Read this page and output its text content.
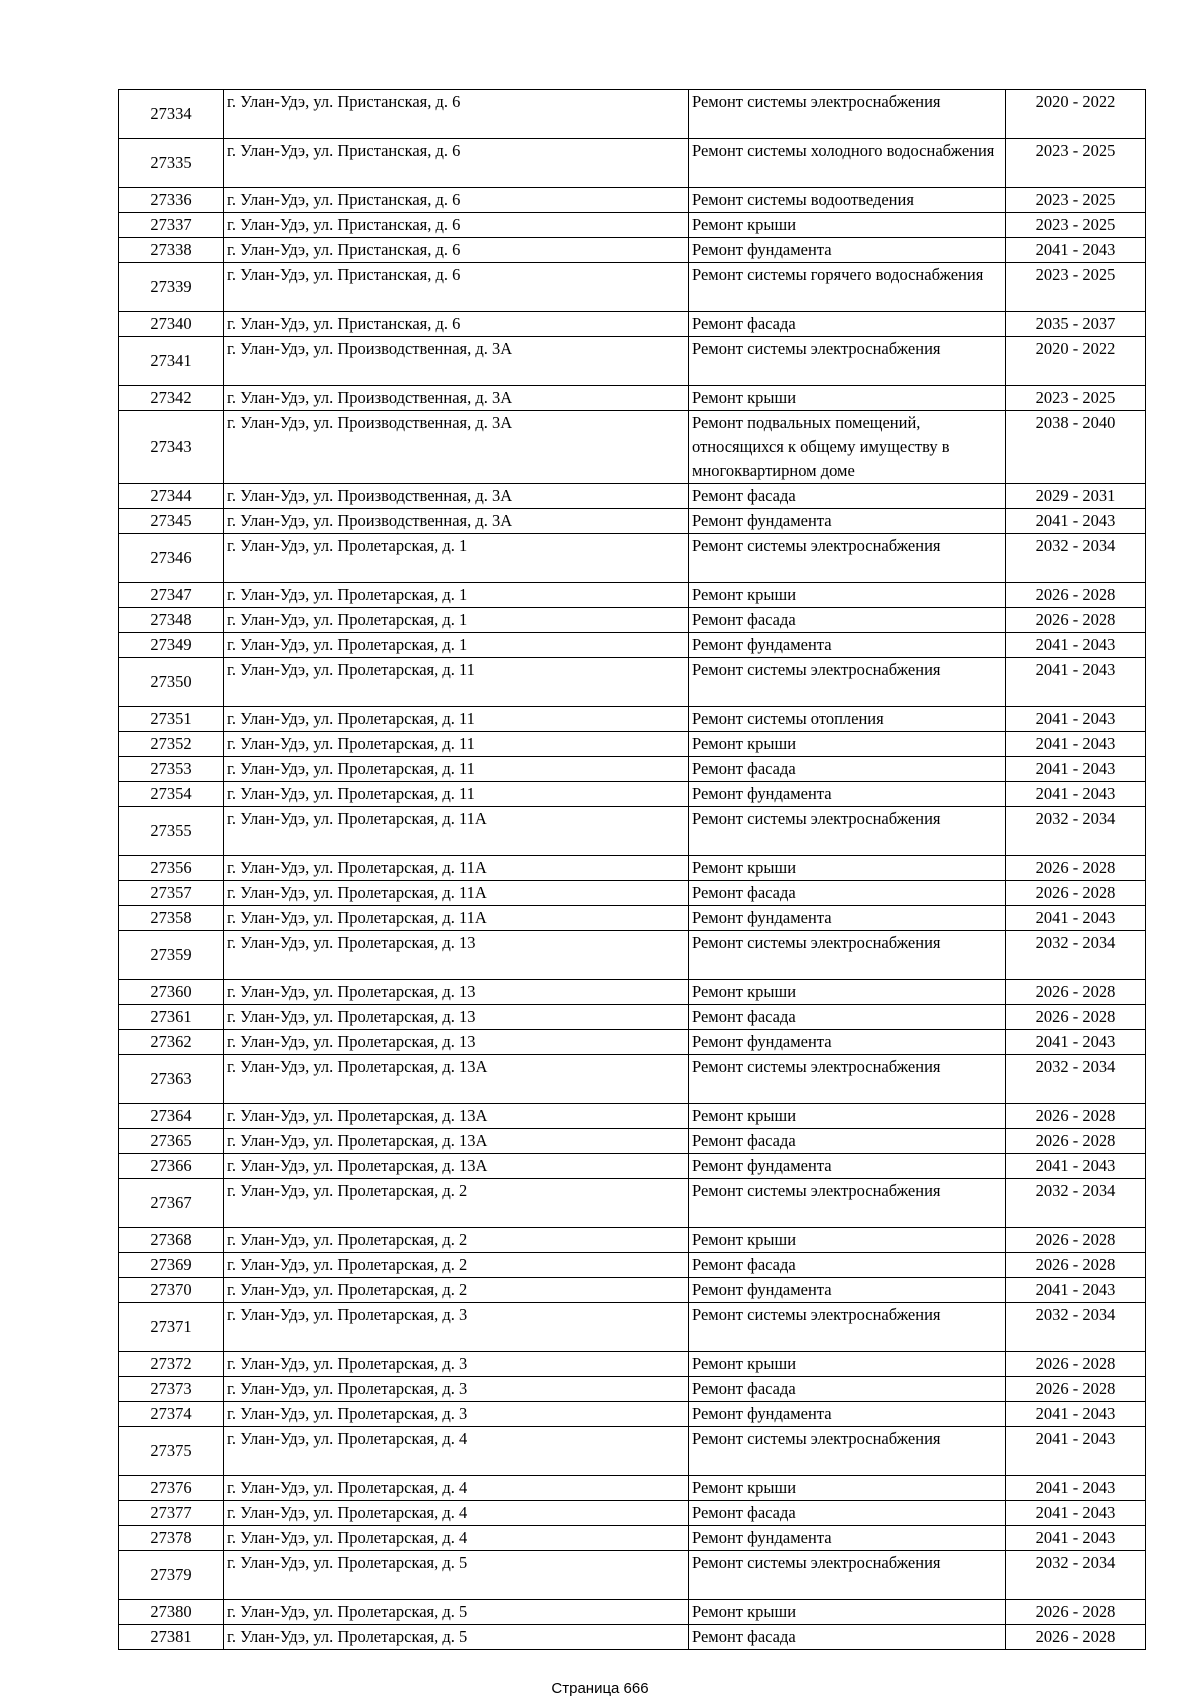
27334	г. Улан-Удэ, ул. Пристанская, д. 6	Ремонт системы электроснабжения	2020 - 2022
27335	г. Улан-Удэ, ул. Пристанская, д. 6	Ремонт системы холодного водоснабжения	2023 - 2025
27336	г. Улан-Удэ, ул. Пристанская, д. 6	Ремонт системы водоотведения	2023 - 2025
27337	г. Улан-Удэ, ул. Пристанская, д. 6	Ремонт крыши	2023 - 2025
27338	г. Улан-Удэ, ул. Пристанская, д. 6	Ремонт фундамента	2041 - 2043
27339	г. Улан-Удэ, ул. Пристанская, д. 6	Ремонт системы горячего водоснабжения	2023 - 2025
27340	г. Улан-Удэ, ул. Пристанская, д. 6	Ремонт фасада	2035 - 2037
27341	г. Улан-Удэ, ул. Производственная, д. 3А	Ремонт системы электроснабжения	2020 - 2022
27342	г. Улан-Удэ, ул. Производственная, д. 3А	Ремонт крыши	2023 - 2025
27343	г. Улан-Удэ, ул. Производственная, д. 3А	Ремонт подвальных помещений, относящихся к общему имуществу в многоквартирном доме	2038 - 2040
27344	г. Улан-Удэ, ул. Производственная, д. 3А	Ремонт фасада	2029 - 2031
27345	г. Улан-Удэ, ул. Производственная, д. 3А	Ремонт фундамента	2041 - 2043
27346	г. Улан-Удэ, ул. Пролетарская, д. 1	Ремонт системы электроснабжения	2032 - 2034
27347	г. Улан-Удэ, ул. Пролетарская, д. 1	Ремонт крыши	2026 - 2028
27348	г. Улан-Удэ, ул. Пролетарская, д. 1	Ремонт фасада	2026 - 2028
27349	г. Улан-Удэ, ул. Пролетарская, д. 1	Ремонт фундамента	2041 - 2043
27350	г. Улан-Удэ, ул. Пролетарская, д. 11	Ремонт системы электроснабжения	2041 - 2043
27351	г. Улан-Удэ, ул. Пролетарская, д. 11	Ремонт системы отопления	2041 - 2043
27352	г. Улан-Удэ, ул. Пролетарская, д. 11	Ремонт крыши	2041 - 2043
27353	г. Улан-Удэ, ул. Пролетарская, д. 11	Ремонт фасада	2041 - 2043
27354	г. Улан-Удэ, ул. Пролетарская, д. 11	Ремонт фундамента	2041 - 2043
27355	г. Улан-Удэ, ул. Пролетарская, д. 11А	Ремонт системы электроснабжения	2032 - 2034
27356	г. Улан-Удэ, ул. Пролетарская, д. 11А	Ремонт крыши	2026 - 2028
27357	г. Улан-Удэ, ул. Пролетарская, д. 11А	Ремонт фасада	2026 - 2028
27358	г. Улан-Удэ, ул. Пролетарская, д. 11А	Ремонт фундамента	2041 - 2043
27359	г. Улан-Удэ, ул. Пролетарская, д. 13	Ремонт системы электроснабжения	2032 - 2034
27360	г. Улан-Удэ, ул. Пролетарская, д. 13	Ремонт крыши	2026 - 2028
27361	г. Улан-Удэ, ул. Пролетарская, д. 13	Ремонт фасада	2026 - 2028
27362	г. Улан-Удэ, ул. Пролетарская, д. 13	Ремонт фундамента	2041 - 2043
27363	г. Улан-Удэ, ул. Пролетарская, д. 13А	Ремонт системы электроснабжения	2032 - 2034
27364	г. Улан-Удэ, ул. Пролетарская, д. 13А	Ремонт крыши	2026 - 2028
27365	г. Улан-Удэ, ул. Пролетарская, д. 13А	Ремонт фасада	2026 - 2028
27366	г. Улан-Удэ, ул. Пролетарская, д. 13А	Ремонт фундамента	2041 - 2043
27367	г. Улан-Удэ, ул. Пролетарская, д. 2	Ремонт системы электроснабжения	2032 - 2034
27368	г. Улан-Удэ, ул. Пролетарская, д. 2	Ремонт крыши	2026 - 2028
27369	г. Улан-Удэ, ул. Пролетарская, д. 2	Ремонт фасада	2026 - 2028
27370	г. Улан-Удэ, ул. Пролетарская, д. 2	Ремонт фундамента	2041 - 2043
27371	г. Улан-Удэ, ул. Пролетарская, д. 3	Ремонт системы электроснабжения	2032 - 2034
27372	г. Улан-Удэ, ул. Пролетарская, д. 3	Ремонт крыши	2026 - 2028
27373	г. Улан-Удэ, ул. Пролетарская, д. 3	Ремонт фасада	2026 - 2028
27374	г. Улан-Удэ, ул. Пролетарская, д. 3	Ремонт фундамента	2041 - 2043
27375	г. Улан-Удэ, ул. Пролетарская, д. 4	Ремонт системы электроснабжения	2041 - 2043
27376	г. Улан-Удэ, ул. Пролетарская, д. 4	Ремонт крыши	2041 - 2043
27377	г. Улан-Удэ, ул. Пролетарская, д. 4	Ремонт фасада	2041 - 2043
27378	г. Улан-Удэ, ул. Пролетарская, д. 4	Ремонт фундамента	2041 - 2043
27379	г. Улан-Удэ, ул. Пролетарская, д. 5	Ремонт системы электроснабжения	2032 - 2034
27380	г. Улан-Удэ, ул. Пролетарская, д. 5	Ремонт крыши	2026 - 2028
27381	г. Улан-Удэ, ул. Пролетарская, д. 5	Ремонт фасада	2026 - 2028
Страница 666
